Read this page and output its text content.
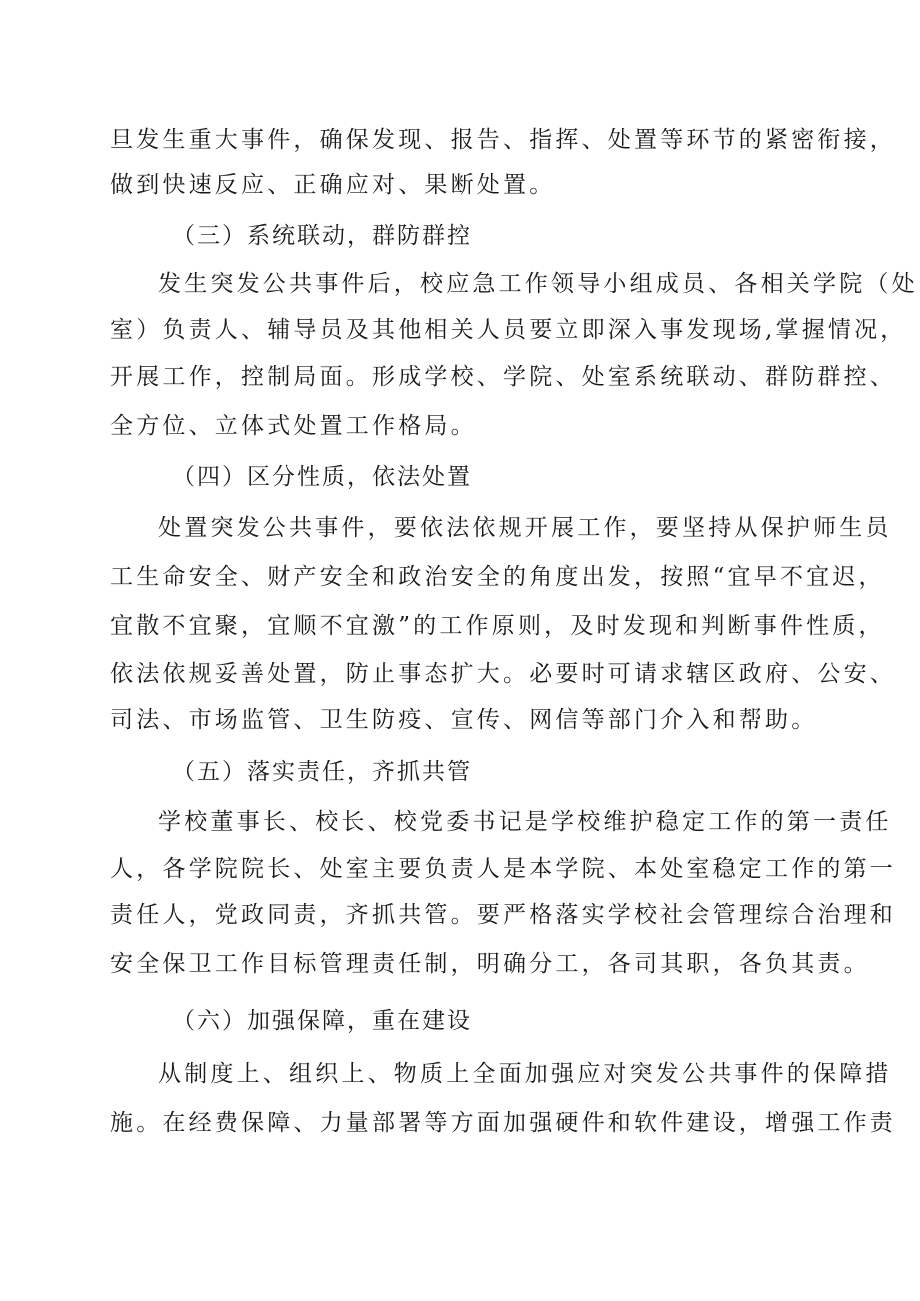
旦发生重大事件，确保发现、报告、指挥、处置等环节的紧密衔接，
做到快速反应、正确应对、果断处置。
（三）系统联动，群防群控
发生突发公共事件后，校应急工作领导小组成员、各相关学院（处
室）负责人、辅导员及其他相关人员要立即深入事发现场,掌握情况，
开展工作，控制局面。形成学校、学院、处室系统联动、群防群控、
全方位、立体式处置工作格局。
（四）区分性质，依法处置
处置突发公共事件，要依法依规开展工作，要坚持从保护师生员
工生命安全、财产安全和政治安全的角度出发，按照“宜早不宜迟，
宜散不宜聚，宜顺不宜激”的工作原则，及时发现和判断事件性质，
依法依规妥善处置，防止事态扩大。必要时可请求辖区政府、公安、
司法、市场监管、卫生防疫、宣传、网信等部门介入和帮助。
（五）落实责任，齐抓共管
学校董事长、校长、校党委书记是学校维护稳定工作的第一责任
人，各学院院长、处室主要负责人是本学院、本处室稳定工作的第一
责任人，党政同责，齐抓共管。要严格落实学校社会管理综合治理和
安全保卫工作目标管理责任制，明确分工，各司其职，各负其责。
（六）加强保障，重在建设
从制度上、组织上、物质上全面加强应对突发公共事件的保障措
施。在经费保障、力量部署等方面加强硬件和软件建设，增强工作责
